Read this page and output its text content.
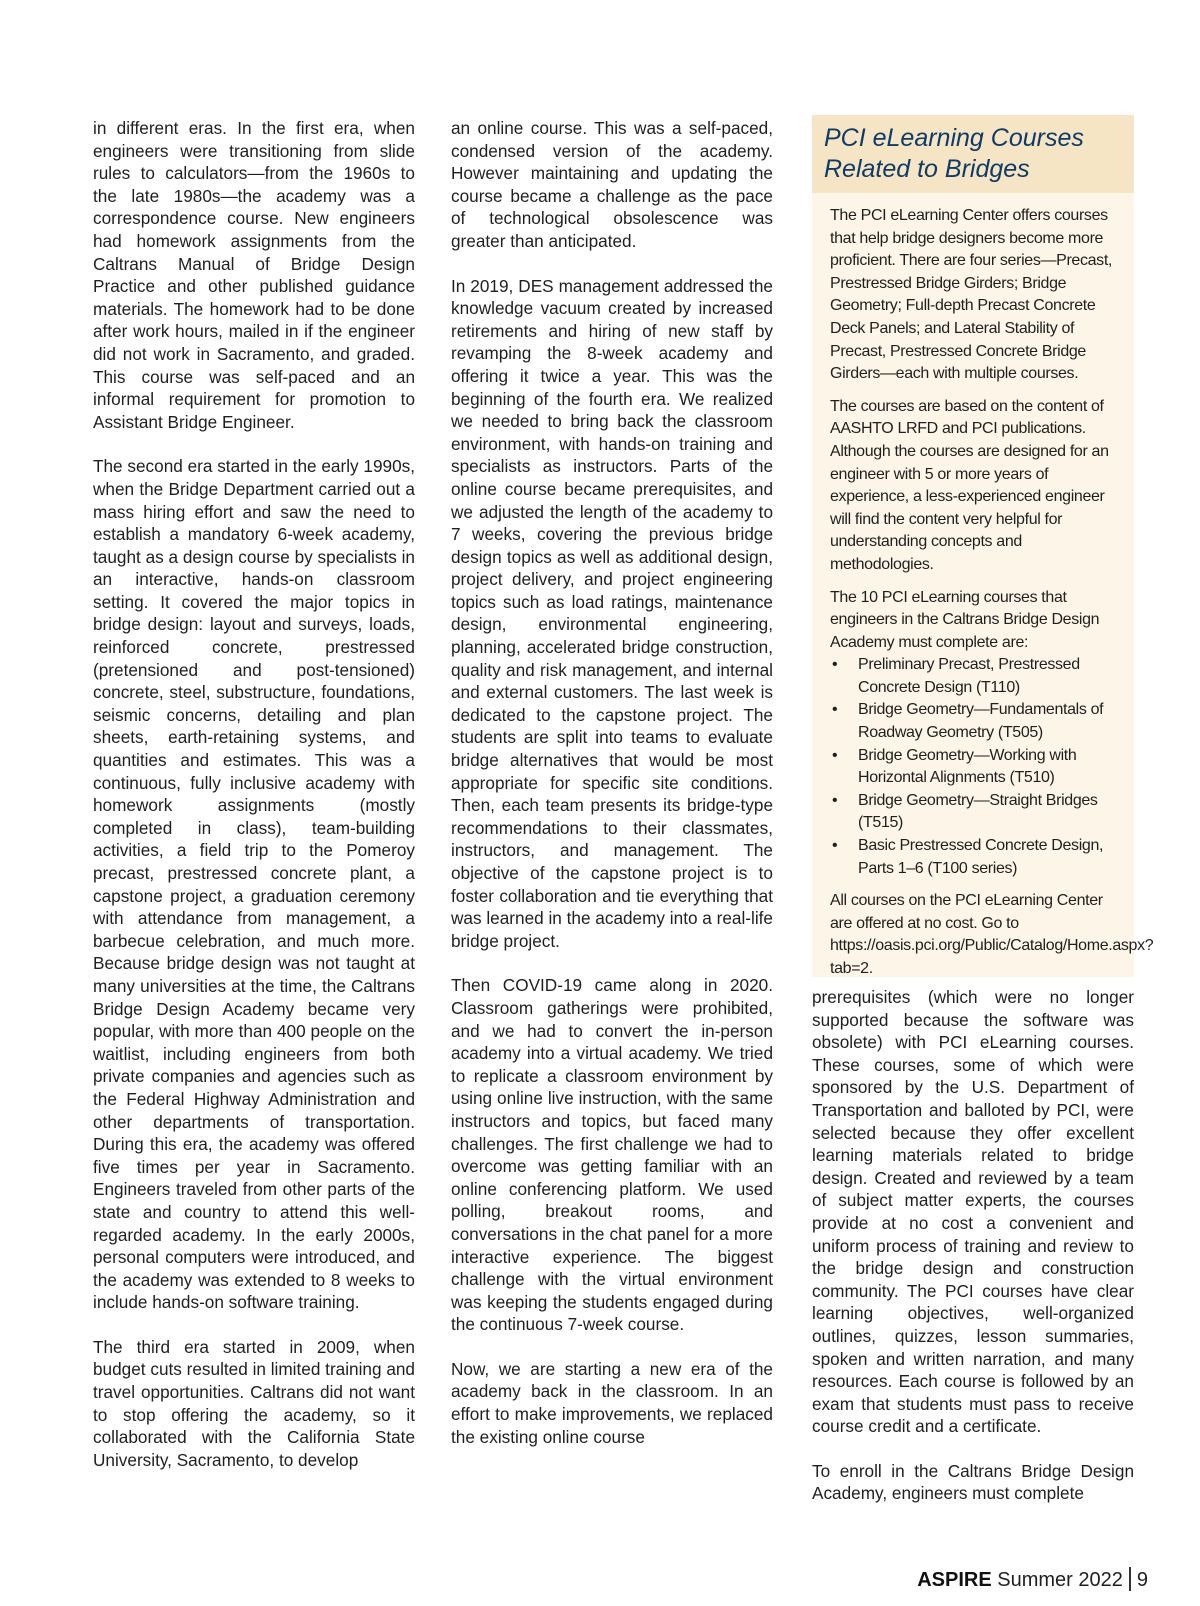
in different eras. In the first era, when engineers were transitioning from slide rules to calculators—from the 1960s to the late 1980s—the academy was a correspondence course. New engineers had homework assignments from the Caltrans Manual of Bridge Design Practice and other published guidance materials. The homework had to be done after work hours, mailed in if the engineer did not work in Sacramento, and graded. This course was self-paced and an informal requirement for promotion to Assistant Bridge Engineer.

The second era started in the early 1990s, when the Bridge Department carried out a mass hiring effort and saw the need to establish a mandatory 6-week academy, taught as a design course by specialists in an interactive, hands-on classroom setting. It covered the major topics in bridge design: layout and surveys, loads, reinforced concrete, prestressed (pretensioned and post-tensioned) concrete, steel, substructure, foundations, seismic concerns, detailing and plan sheets, earth-retaining systems, and quantities and estimates. This was a continuous, fully inclusive academy with homework assignments (mostly completed in class), team-building activities, a field trip to the Pomeroy precast, prestressed concrete plant, a capstone project, a graduation ceremony with attendance from management, a barbecue celebration, and much more. Because bridge design was not taught at many universities at the time, the Caltrans Bridge Design Academy became very popular, with more than 400 people on the waitlist, including engineers from both private companies and agencies such as the Federal Highway Administration and other departments of transportation. During this era, the academy was offered five times per year in Sacramento. Engineers traveled from other parts of the state and country to attend this well-regarded academy. In the early 2000s, personal computers were introduced, and the academy was extended to 8 weeks to include hands-on software training.

The third era started in 2009, when budget cuts resulted in limited training and travel opportunities. Caltrans did not want to stop offering the academy, so it collaborated with the California State University, Sacramento, to develop

an online course. This was a self-paced, condensed version of the academy. However maintaining and updating the course became a challenge as the pace of technological obsolescence was greater than anticipated.

In 2019, DES management addressed the knowledge vacuum created by increased retirements and hiring of new staff by revamping the 8-week academy and offering it twice a year. This was the beginning of the fourth era. We realized we needed to bring back the classroom environment, with hands-on training and specialists as instructors. Parts of the online course became prerequisites, and we adjusted the length of the academy to 7 weeks, covering the previous bridge design topics as well as additional design, project delivery, and project engineering topics such as load ratings, maintenance design, environmental engineering, planning, accelerated bridge construction, quality and risk management, and internal and external customers. The last week is dedicated to the capstone project. The students are split into teams to evaluate bridge alternatives that would be most appropriate for specific site conditions. Then, each team presents its bridge-type recommendations to their classmates, instructors, and management. The objective of the capstone project is to foster collaboration and tie everything that was learned in the academy into a real-life bridge project.

Then COVID-19 came along in 2020. Classroom gatherings were prohibited, and we had to convert the in-person academy into a virtual academy. We tried to replicate a classroom environment by using online live instruction, with the same instructors and topics, but faced many challenges. The first challenge we had to overcome was getting familiar with an online conferencing platform. We used polling, breakout rooms, and conversations in the chat panel for a more interactive experience. The biggest challenge with the virtual environment was keeping the students engaged during the continuous 7-week course.

Now, we are starting a new era of the academy back in the classroom. In an effort to make improvements, we replaced the existing online course

PCI eLearning Courses Related to Bridges

The PCI eLearning Center offers courses that help bridge designers become more proficient. There are four series—Precast, Prestressed Bridge Girders; Bridge Geometry; Full-depth Precast Concrete Deck Panels; and Lateral Stability of Precast, Prestressed Concrete Bridge Girders—each with multiple courses.

The courses are based on the content of AASHTO LRFD and PCI publications. Although the courses are designed for an engineer with 5 or more years of experience, a less-experienced engineer will find the content very helpful for understanding concepts and methodologies.

The 10 PCI eLearning courses that engineers in the Caltrans Bridge Design Academy must complete are:

• Preliminary Precast, Prestressed Concrete Design (T110)
• Bridge Geometry—Fundamentals of Roadway Geometry (T505)
• Bridge Geometry—Working with Horizontal Alignments (T510)
• Bridge Geometry—Straight Bridges (T515)
• Basic Prestressed Concrete Design, Parts 1–6 (T100 series)

All courses on the PCI eLearning Center are offered at no cost. Go to https://oasis.pci.org/Public/Catalog/Home.aspx?tab=2.

prerequisites (which were no longer supported because the software was obsolete) with PCI eLearning courses. These courses, some of which were sponsored by the U.S. Department of Transportation and balloted by PCI, were selected because they offer excellent learning materials related to bridge design. Created and reviewed by a team of subject matter experts, the courses provide at no cost a convenient and uniform process of training and review to the bridge design and construction community. The PCI courses have clear learning objectives, well-organized outlines, quizzes, lesson summaries, spoken and written narration, and many resources. Each course is followed by an exam that students must pass to receive course credit and a certificate.

To enroll in the Caltrans Bridge Design Academy, engineers must complete

ASPIRE Summer 2022 9
